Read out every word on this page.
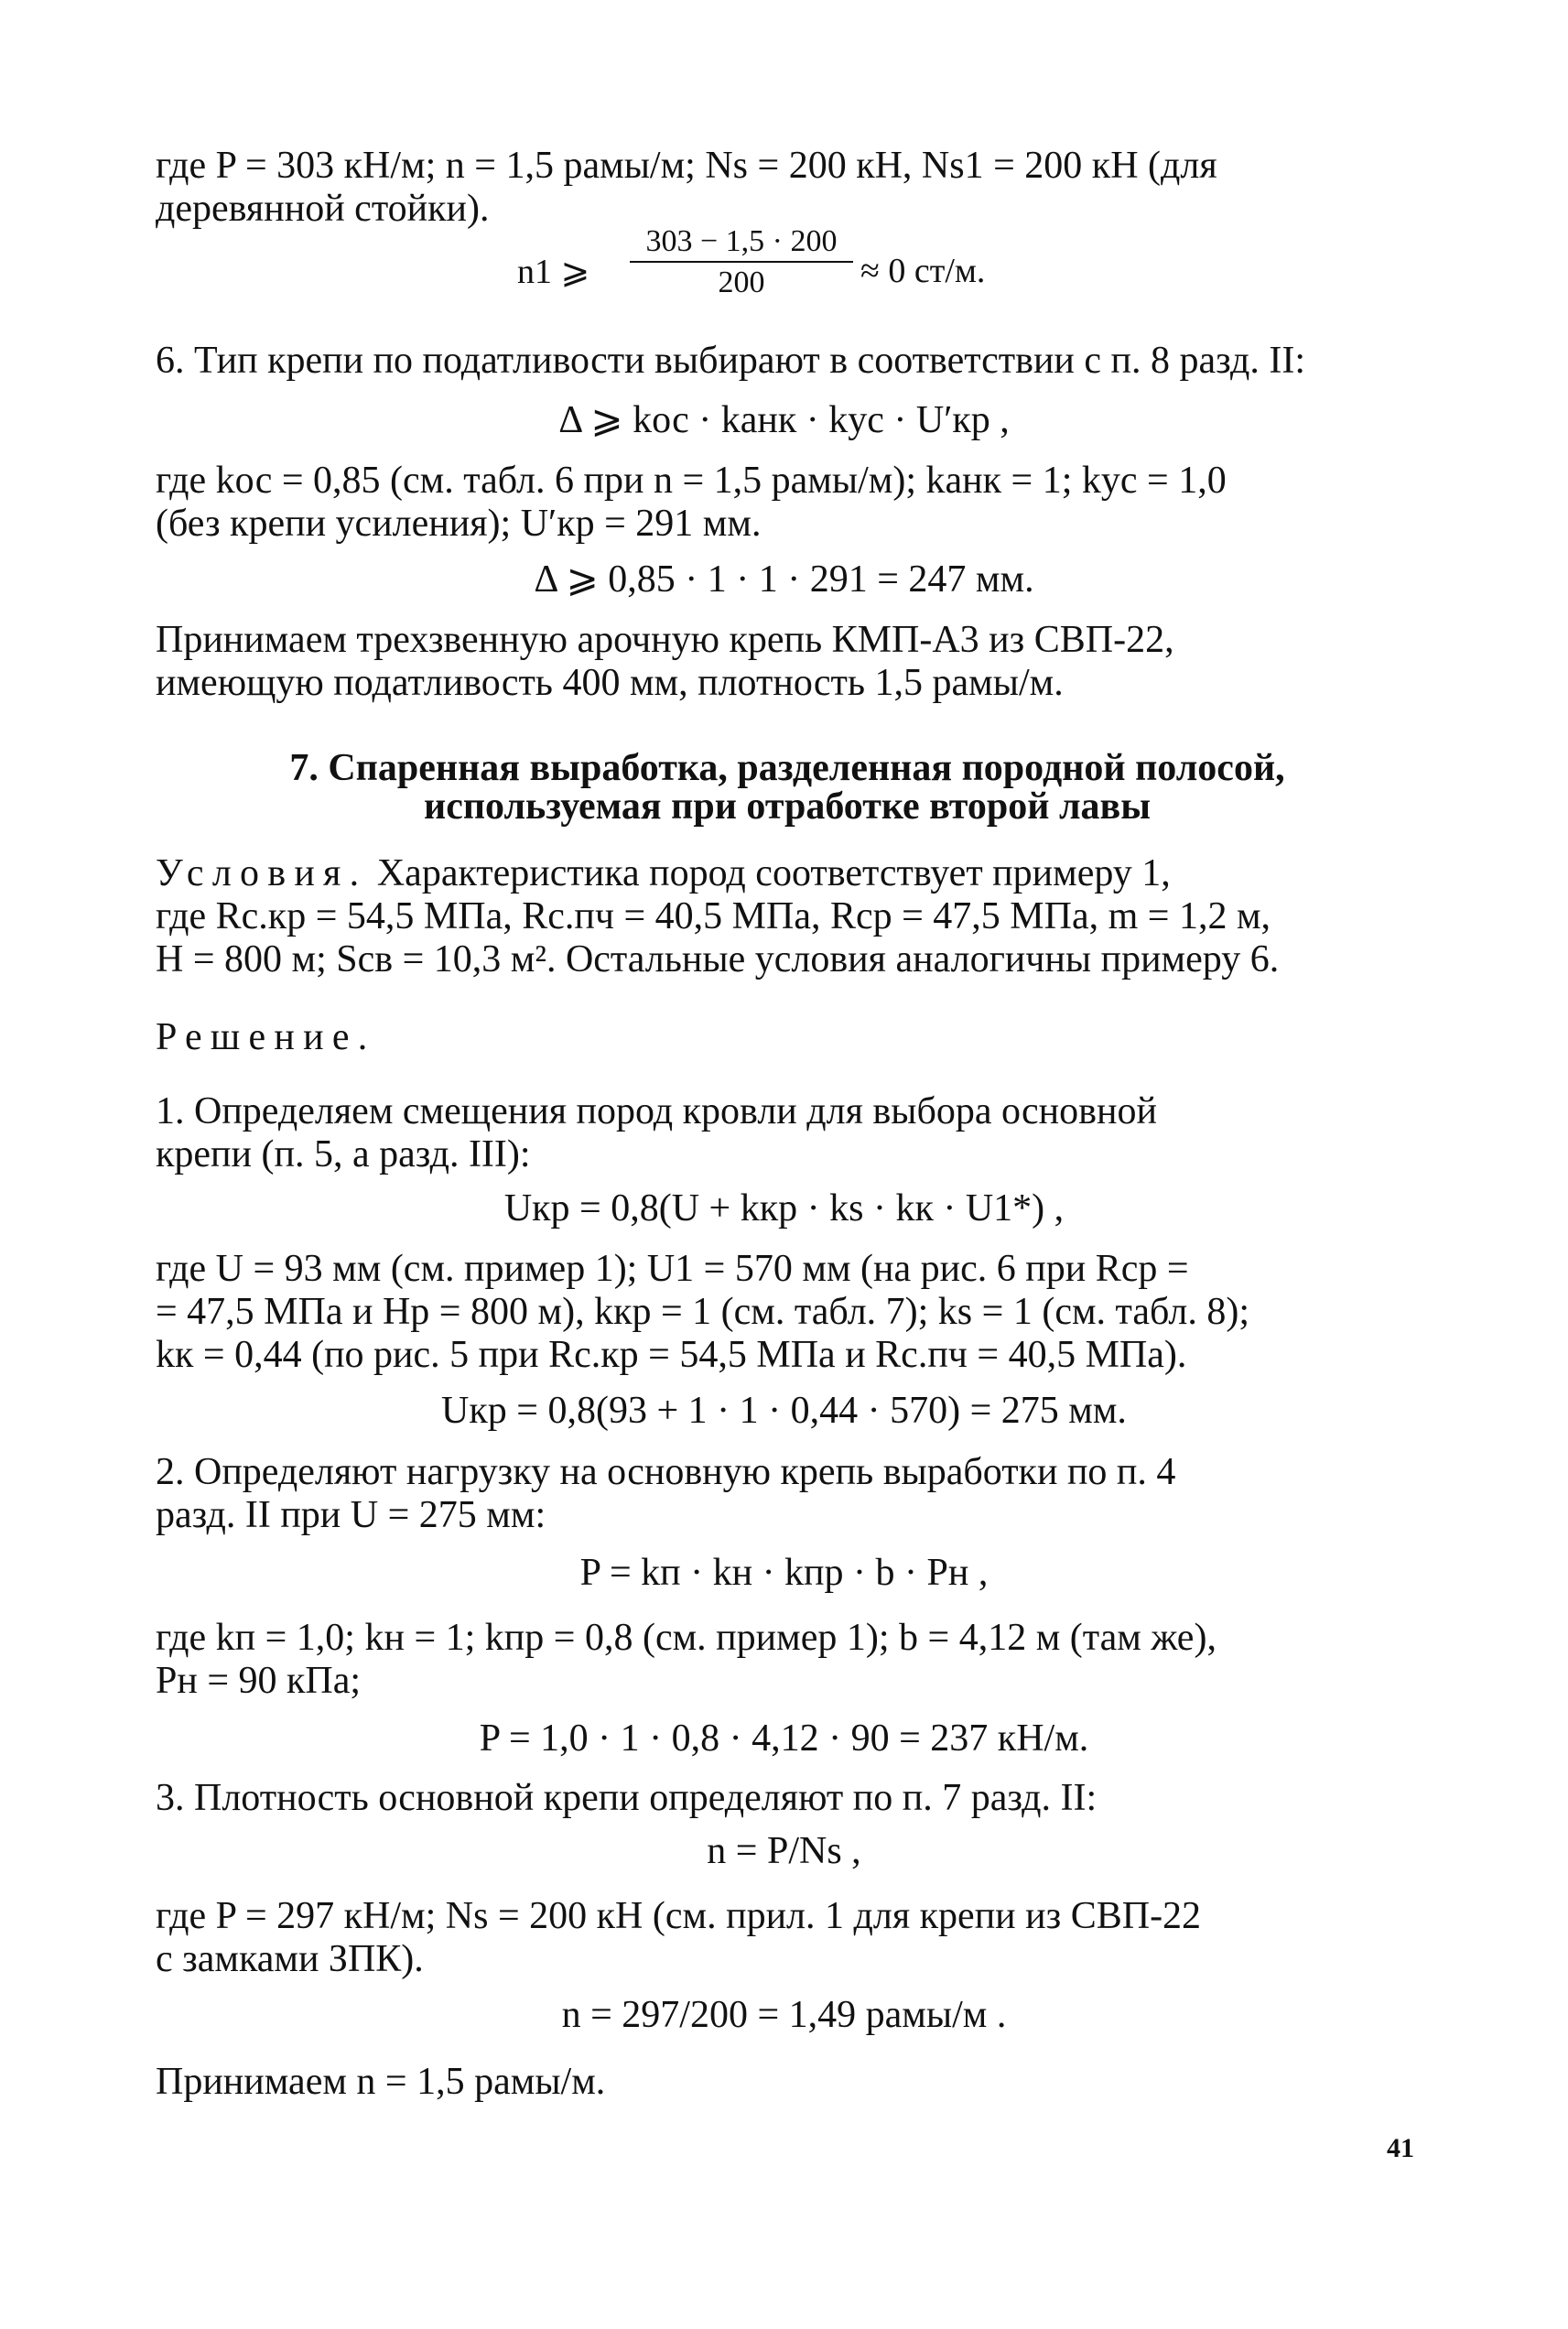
где P = 303 кН/м; n = 1,5 рамы/м; Ns = 200 кН, Ns1 = 200 кН (для
деревянной стойки).
n1 ⩾
303 − 1,5 · 200
200	≈ 0 ст/м.
6. Тип крепи по податливости выбирают в соответствии с п. 8 разд. II:
Δ ⩾ kос · kанк · kус · U′кр ,
где kос = 0,85 (см. табл. 6 при n = 1,5 рамы/м); kанк = 1; kус = 1,0
(без крепи усиления); U′кр = 291 мм.
Δ ⩾ 0,85 · 1 · 1 · 291 = 247 мм.
Принимаем трехзвенную арочную крепь КМП-А3 из СВП-22,
имеющую податливость 400 мм, плотность 1,5 рамы/м.
7. Спаренная выработка, разделенная породной полосой,
используемая при отработке второй лавы
Условия. Характеристика пород соответствует примеру 1,
где Rс.кр = 54,5 МПа, Rс.пч = 40,5 МПа, Rср = 47,5 МПа, m = 1,2 м,
H = 800 м; Sсв = 10,3 м². Остальные условия аналогичны примеру 6.
Решение.
1. Определяем смещения пород кровли для выбора основной
крепи (п. 5, а разд. III):
Uкр = 0,8(U + kкр · ks · kк · U1*) ,
где U = 93 мм (см. пример 1); U1 = 570 мм (на рис. 6 при Rср =
= 47,5 МПа и Hр = 800 м), kкр = 1 (см. табл. 7); ks = 1 (см. табл. 8);
kк = 0,44 (по рис. 5 при Rс.кр = 54,5 МПа и Rс.пч = 40,5 МПа).
Uкр = 0,8(93 + 1 · 1 · 0,44 · 570) = 275 мм.
2. Определяют нагрузку на основную крепь выработки по п. 4
разд. II при U = 275 мм:
P = kп · kн · kпр · b · Pн ,
где kп = 1,0; kн = 1; kпр = 0,8 (см. пример 1); b = 4,12 м (там же),
Pн = 90 кПа;
P = 1,0 · 1 · 0,8 · 4,12 · 90 = 237 кН/м.
3. Плотность основной крепи определяют по п. 7 разд. II:
n = P/Ns ,
где P = 297 кН/м; Ns = 200 кН (см. прил. 1 для крепи из СВП-22
с замками ЗПК).
n = 297/200 = 1,49 рамы/м .
Принимаем n = 1,5 рамы/м.
41
